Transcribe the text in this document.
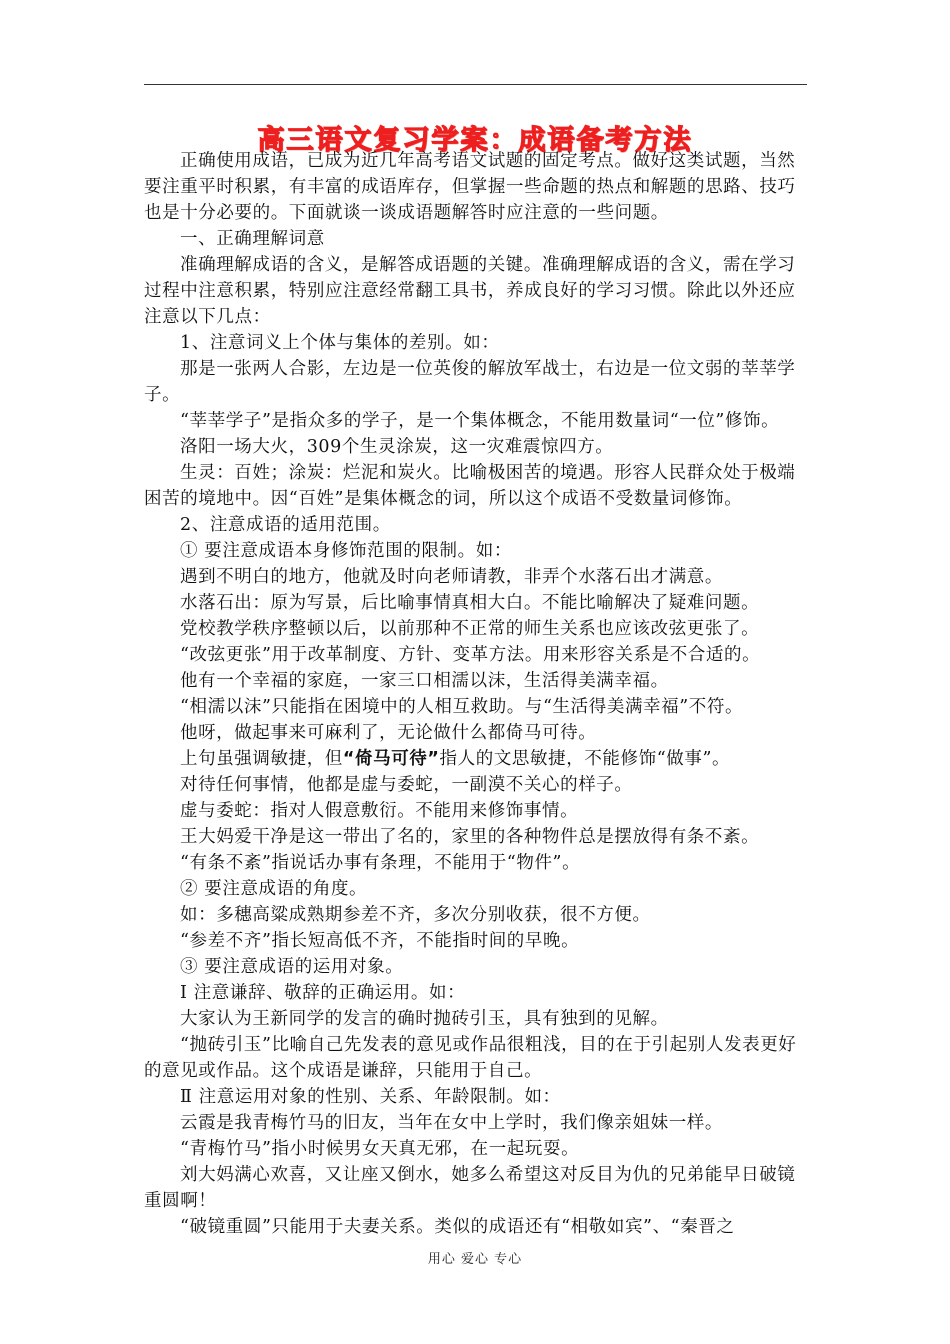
高三语文复习学案：成语备考方法

正确使用成语，已成为近几年高考语文试题的固定考点。做好这类试题，当然要注重平时积累，有丰富的成语库存，但掌握一些命题的热点和解题的思路、技巧也是十分必要的。下面就谈一谈成语题解答时应注意的一些问题。

一、正确理解词意

准确理解成语的含义，是解答成语题的关键。准确理解成语的含义，需在学习过程中注意积累，特别应注意经常翻工具书，养成良好的学习习惯。除此以外还应注意以下几点：

1、注意词义上个体与集体的差别。如：

那是一张两人合影，左边是一位英俊的解放军战士，右边是一位文弱的莘莘学子。

“莘莘学子”是指众多的学子，是一个集体概念，不能用数量词“一位”修饰。

洛阳一场大火，309个生灵涂炭，这一灾难震惊四方。

生灵：百姓；涂炭：烂泥和炭火。比喻极困苦的境遇。形容人民群众处于极端困苦的境地中。因“百姓”是集体概念的词，所以这个成语不受数量词修饰。

2、注意成语的适用范围。

① 要注意成语本身修饰范围的限制。如：

遇到不明白的地方，他就及时向老师请教，非弄个水落石出才满意。

水落石出：原为写景，后比喻事情真相大白。不能比喻解决了疑难问题。

党校教学秩序整顿以后，以前那种不正常的师生关系也应该改弦更张了。

“改弦更张”用于改革制度、方针、变革方法。用来形容关系是不合适的。

他有一个幸福的家庭，一家三口相濡以沫，生活得美满幸福。

“相濡以沫”只能指在困境中的人相互救助。与“生活得美满幸福”不符。

他呀，做起事来可麻利了，无论做什么都倚马可待。

上句虽强调敏捷，但“倚马可待”指人的文思敏捷，不能修饰“做事”。

对待任何事情，他都是虚与委蛇，一副漠不关心的样子。

虚与委蛇：指对人假意敷衍。不能用来修饰事情。

王大妈爱干净是这一带出了名的，家里的各种物件总是摆放得有条不紊。

“有条不紊”指说话办事有条理，不能用于“物件”。

② 要注意成语的角度。

如：多穗高粱成熟期参差不齐，多次分别收获，很不方便。

“参差不齐”指长短高低不齐，不能指时间的早晚。

③ 要注意成语的运用对象。

Ⅰ 注意谦辞、敬辞的正确运用。如：

大家认为王新同学的发言的确时抛砖引玉，具有独到的见解。

“抛砖引玉”比喻自己先发表的意见或作品很粗浅，目的在于引起别人发表更好的意见或作品。这个成语是谦辞，只能用于自己。

Ⅱ 注意运用对象的性别、关系、年龄限制。如：

云霞是我青梅竹马的旧友，当年在女中上学时，我们像亲姐妹一样。

“青梅竹马”指小时候男女天真无邪，在一起玩耍。

刘大妈满心欢喜，又让座又倒水，她多么希望这对反目为仇的兄弟能早日破镜重圆啊！

“破镜重圆”只能用于夫妻关系。类似的成语还有“相敬如宾”、“秦晋之

用心 爱心 专心
